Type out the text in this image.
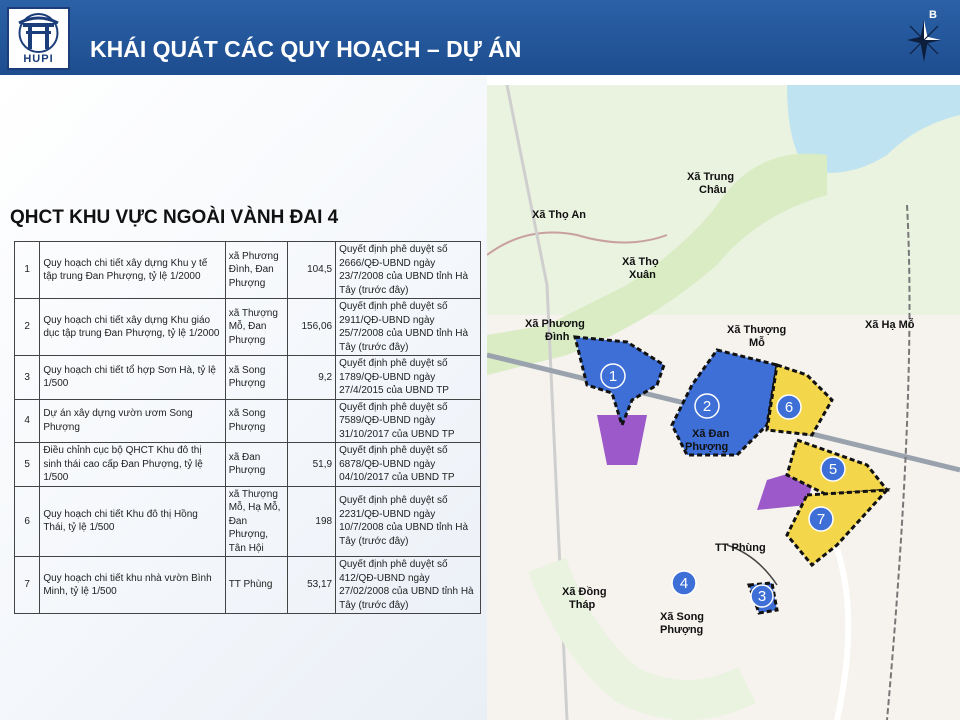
HUPI	KHÁI QUÁT CÁC QUY HOẠCH – DỰ ÁN
B
QHCT KHU VỰC NGOÀI VÀNH ĐAI 4
1	Quy hoạch chi tiết xây dựng Khu y tế tập trung Đan Phượng, tỷ lệ 1/2000	xã Phương Đình, Đan Phượng	104,5	Quyết định phê duyệt số 2666/QĐ-UBND ngày 23/7/2008 của UBND tỉnh Hà Tây (trước đây)
2	Quy hoạch chi tiết xây dựng Khu giáo dục tập trung Đan Phượng, tỷ lệ 1/2000	xã Thượng Mỗ, Đan Phượng	156,06	Quyết định phê duyệt số 2911/QĐ-UBND ngày 25/7/2008 của UBND tỉnh Hà Tây (trước đây)
3	Quy hoạch chi tiết tổ hợp Sơn Hà, tỷ lệ 1/500	xã Song Phượng	9,2	Quyết định phê duyệt số 1789/QĐ-UBND ngày 27/4/2015 của UBND TP
4	Dự án xây dựng vườn ươm Song Phượng	xã Song Phượng		Quyết định phê duyệt số 7589/QĐ-UBND ngày 31/10/2017 của UBND TP
5	Điều chỉnh cục bộ QHCT Khu đô thị sinh thái cao cấp Đan Phượng, tỷ lệ 1/500	xã Đan Phượng	51,9	Quyết định phê duyệt số 6878/QĐ-UBND ngày 04/10/2017 của UBND TP
6	Quy hoạch chi tiết Khu đô thị Hồng Thái, tỷ lệ 1/500	xã Thượng Mỗ, Hạ Mỗ, Đan Phượng, Tân Hội	198	Quyết định phê duyệt số 2231/QĐ-UBND ngày 10/7/2008 của UBND tỉnh Hà Tây (trước đây)
7	Quy hoạch chi tiết khu nhà vườn Bình Minh, tỷ lệ 1/500	TT Phùng	53,17	Quyết định phê duyệt số 412/QĐ-UBND ngày 27/02/2008 của UBND tỉnh Hà Tây (trước đây)
Xã Trung
Châu
Xã Thọ An
Xã Thọ
Xuân
Xã Phương
Đình
Xã Thượng
Mỗ
Xã Hạ Mỗ
Xã Đan
Phượng
TT Phùng
Xã Đồng
Tháp
Xã Song
Phượng
1
2
3
4
5
6
7
